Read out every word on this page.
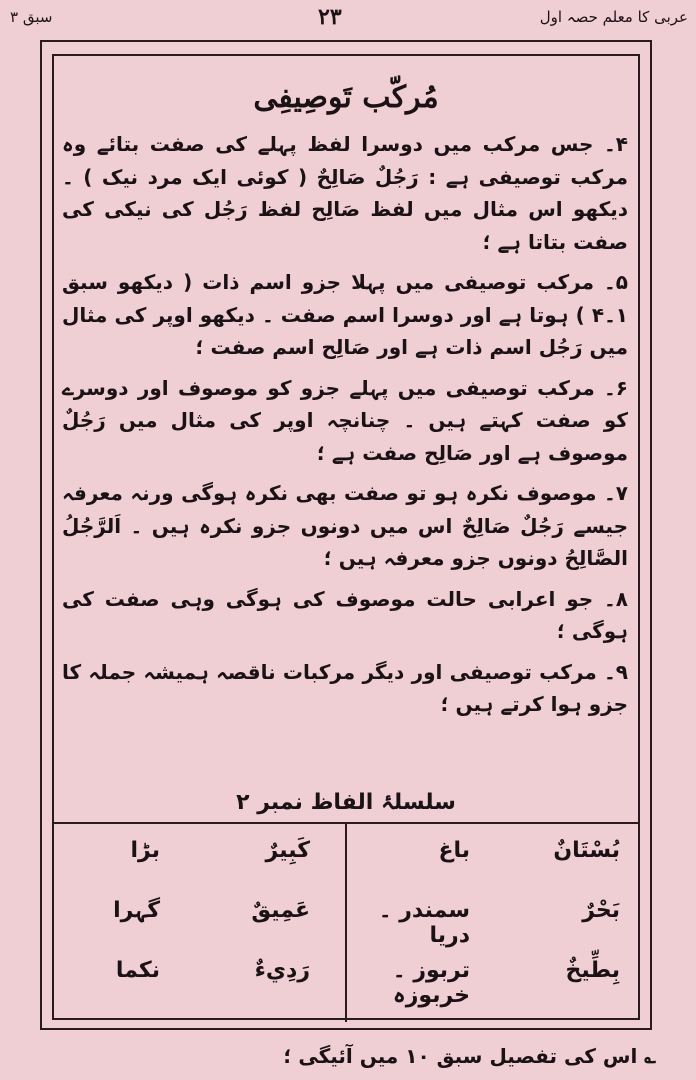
سبق ۳	۲۳	عربی کا معلم حصہ اول
مُرکّب تَوصِیفِی

۴۔ جس مرکب میں دوسرا لفظ پہلے کی صفت بتائے وہ مرکب توصیفی ہے : رَجُلٌ صَالِحٌ ( کوئی ایک مرد نیک ) ۔ دیکھو اس مثال میں لفظ صَالِح لفظ رَجُل کی نیکی کی صفت بتاتا ہے ؛

۵۔ مرکب توصیفی میں پہلا جزو اسم ذات ( دیکھو سبق ۱۔۴ ) ہوتا ہے اور دوسرا اسم صفت ۔ دیکھو اوپر کی مثال میں رَجُل اسم ذات ہے اور صَالِح اسم صفت ؛

۶۔ مرکب توصیفی میں پہلے جزو کو موصوف اور دوسرے کو صفت کہتے ہیں ۔ چنانچہ اوپر کی مثال میں رَجُلٌ موصوف ہے اور صَالِح صفت ہے ؛

۷۔ موصوف نکرہ ہو تو صفت بھی نکرہ ہوگی ورنہ معرفہ جیسے رَجُلٌ صَالِحٌ اس میں دونوں جزو نکرہ ہیں ۔ اَلرَّجُلُ الصَّالِحُ دونوں جزو معرفہ ہیں ؛

۸۔ جو اعرابی حالت موصوف کی ہوگی وہی صفت کی ہوگی ؛

۹۔ مرکب توصیفی اور دیگر مرکبات ناقصہ ہمیشہ جملہ کا جزو ہوا کرتے ہیں ؛

سلسلۂ الفاظ نمبر ۲
بُسْتَانٌ
باغ
بَحْرٌ
سمندر ۔ دریا
بِطِّيخٌ
تربوز ۔ خربوزہ
كَبِيرٌ
بڑا
عَمِيقٌ
گہرا
رَدِيءٌ
نکما
؎ اس کی تفصیل سبق ۱۰ میں آئیگی ؛
